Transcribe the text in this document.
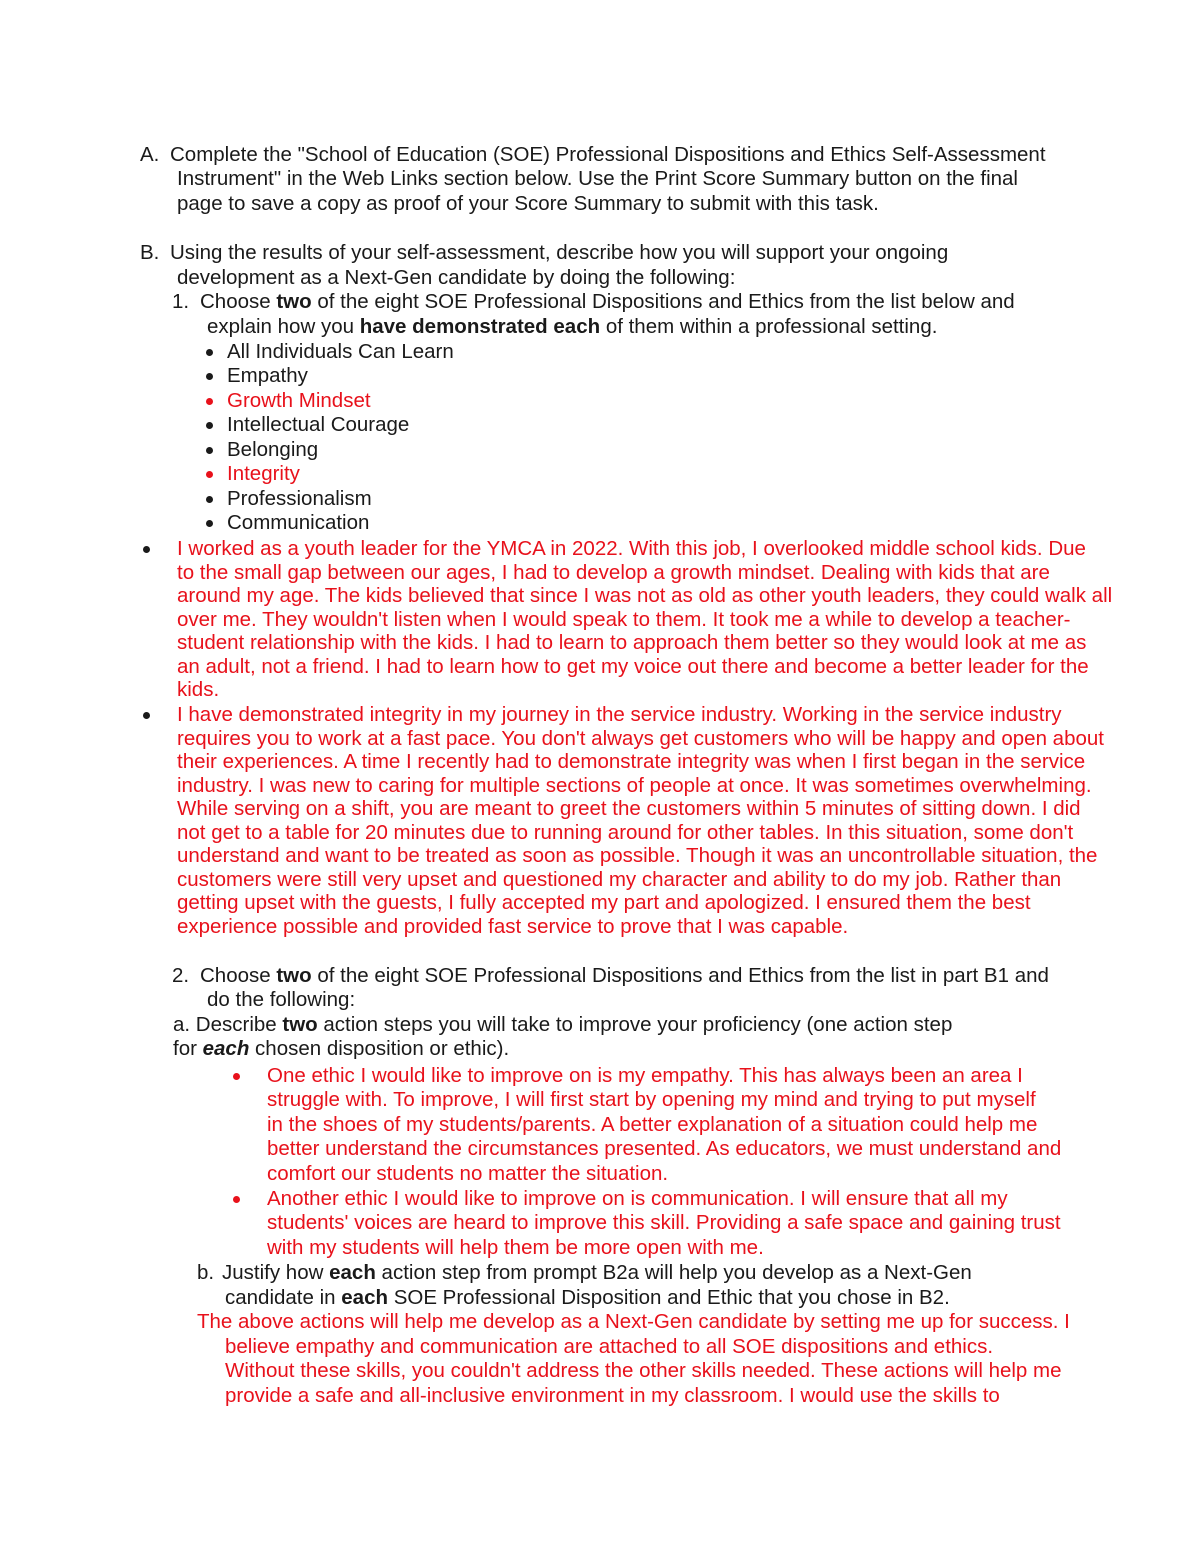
A. Complete the "School of Education (SOE) Professional Dispositions and Ethics Self-Assessment
Instrument" in the Web Links section below. Use the Print Score Summary button on the final
page to save a copy as proof of your Score Summary to submit with this task.
B. Using the results of your self-assessment, describe how you will support your ongoing
development as a Next-Gen candidate by doing the following:
1. Choose two of the eight SOE Professional Dispositions and Ethics from the list below and
explain how you have demonstrated each of them within a professional setting.
All Individuals Can Learn
Empathy
Growth Mindset
Intellectual Courage
Belonging
Integrity
Professionalism
Communication
I worked as a youth leader for the YMCA in 2022. With this job, I overlooked middle school kids. Due
to the small gap between our ages, I had to develop a growth mindset. Dealing with kids that are
around my age. The kids believed that since I was not as old as other youth leaders, they could walk all
over me. They wouldn't listen when I would speak to them. It took me a while to develop a teacher-
student relationship with the kids. I had to learn to approach them better so they would look at me as
an adult, not a friend. I had to learn how to get my voice out there and become a better leader for the
kids.
I have demonstrated integrity in my journey in the service industry. Working in the service industry
requires you to work at a fast pace. You don't always get customers who will be happy and open about
their experiences. A time I recently had to demonstrate integrity was when I first began in the service
industry. I was new to caring for multiple sections of people at once. It was sometimes overwhelming.
While serving on a shift, you are meant to greet the customers within 5 minutes of sitting down. I did
not get to a table for 20 minutes due to running around for other tables. In this situation, some don't
understand and want to be treated as soon as possible. Though it was an uncontrollable situation, the
customers were still very upset and questioned my character and ability to do my job. Rather than
getting upset with the guests, I fully accepted my part and apologized. I ensured them the best
experience possible and provided fast service to prove that I was capable.
2. Choose two of the eight SOE Professional Dispositions and Ethics from the list in part B1 and
do the following:
a. Describe two action steps you will take to improve your proficiency (one action step
for each chosen disposition or ethic).
One ethic I would like to improve on is my empathy. This has always been an area I
struggle with. To improve, I will first start by opening my mind and trying to put myself
in the shoes of my students/parents. A better explanation of a situation could help me
better understand the circumstances presented. As educators, we must understand and
comfort our students no matter the situation.
Another ethic I would like to improve on is communication. I will ensure that all my
students' voices are heard to improve this skill. Providing a safe space and gaining trust
with my students will help them be more open with me.
b. Justify how each action step from prompt B2a will help you develop as a Next-Gen
candidate in each SOE Professional Disposition and Ethic that you chose in B2.
The above actions will help me develop as a Next-Gen candidate by setting me up for success. I
believe empathy and communication are attached to all SOE dispositions and ethics.
Without these skills, you couldn't address the other skills needed. These actions will help me
provide a safe and all-inclusive environment in my classroom. I would use the skills to
